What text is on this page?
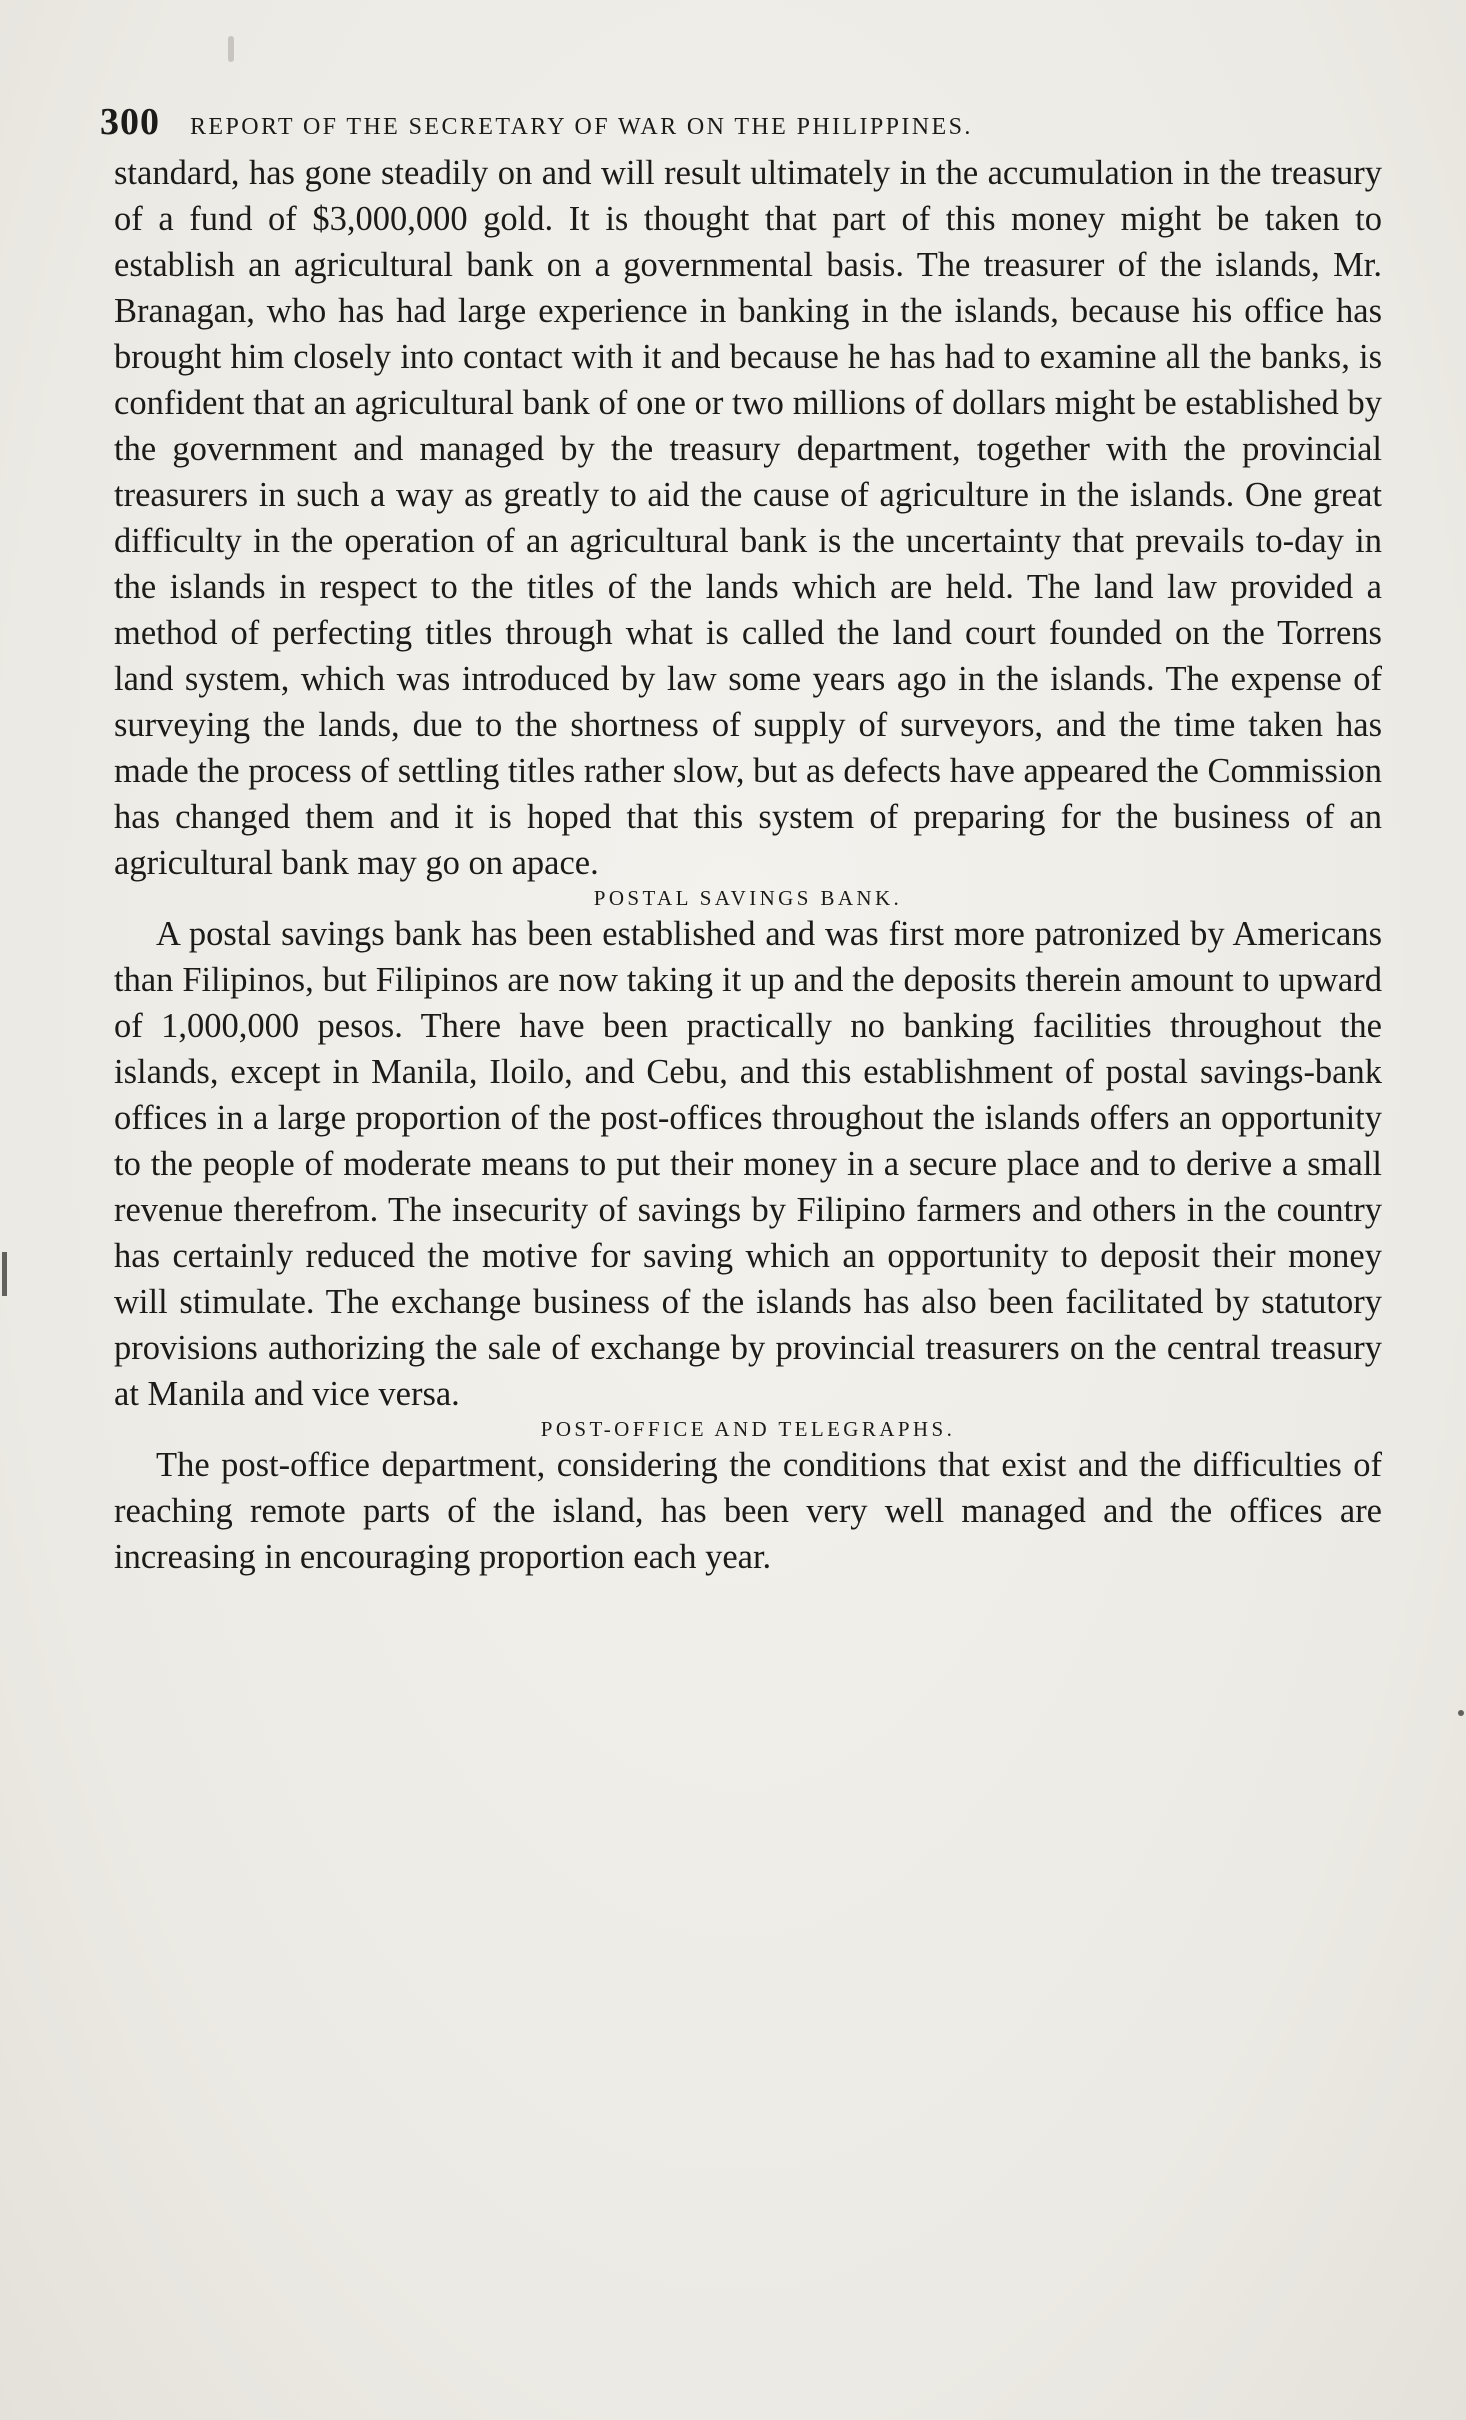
300 REPORT OF THE SECRETARY OF WAR ON THE PHILIPPINES.

standard, has gone steadily on and will result ultimately in the accumulation in the treasury of a fund of $3,000,000 gold. It is thought that part of this money might be taken to establish an agricultural bank on a governmental basis. The treasurer of the islands, Mr. Branagan, who has had large experience in banking in the islands, because his office has brought him closely into contact with it and because he has had to examine all the banks, is confident that an agricultural bank of one or two millions of dollars might be established by the government and managed by the treasury department, together with the provincial treasurers in such a way as greatly to aid the cause of agriculture in the islands. One great difficulty in the operation of an agricultural bank is the uncertainty that prevails to-day in the islands in respect to the titles of the lands which are held. The land law provided a method of perfecting titles through what is called the land court founded on the Torrens land system, which was introduced by law some years ago in the islands. The expense of surveying the lands, due to the shortness of supply of surveyors, and the time taken has made the process of settling titles rather slow, but as defects have appeared the Commission has changed them and it is hoped that this system of preparing for the business of an agricultural bank may go on apace.

POSTAL SAVINGS BANK.

A postal savings bank has been established and was first more patronized by Americans than Filipinos, but Filipinos are now taking it up and the deposits therein amount to upward of 1,000,000 pesos. There have been practically no banking facilities throughout the islands, except in Manila, Iloilo, and Cebu, and this establishment of postal savings-bank offices in a large proportion of the post-offices throughout the islands offers an opportunity to the people of moderate means to put their money in a secure place and to derive a small revenue therefrom. The insecurity of savings by Filipino farmers and others in the country has certainly reduced the motive for saving which an opportunity to deposit their money will stimulate. The exchange business of the islands has also been facilitated by statutory provisions authorizing the sale of exchange by provincial treasurers on the central treasury at Manila and vice versa.

POST-OFFICE AND TELEGRAPHS.

The post-office department, considering the conditions that exist and the difficulties of reaching remote parts of the island, has been very well managed and the offices are increasing in encouraging proportion each year.
